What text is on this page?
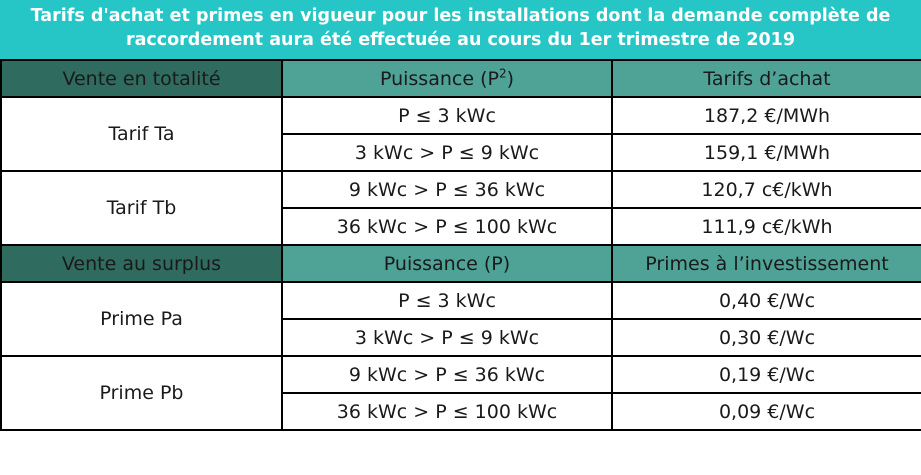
Tarifs d'achat et primes en vigueur pour les installations dont la demande complète de
raccordement aura été effectuée au cours du 1er trimestre de 2019
Vente en totalité	Puissance $(P^2)$	Tarifs d’achat
Tarif Ta	P ≤ 3 kWc	187,2 €/MWh
	3 kWc > P ≤ 9 kWc	159,1 €/MWh
Tarif Tb	9 kWc > P ≤ 36 kWc	120,7 c€/kWh
	36 kWc > P ≤ 100 kWc	111,9 c€/kWh
Vente au surplus	Puissance (P)	Primes à l’investissement
Prime Pa	P ≤ 3 kWc	0,40 €/Wc
	3 kWc > P ≤ 9 kWc	0,30 €/Wc
Prime Pb	9 kWc > P ≤ 36 kWc	0,19 €/Wc
	36 kWc > P ≤ 100 kWc	0,09 €/Wc
